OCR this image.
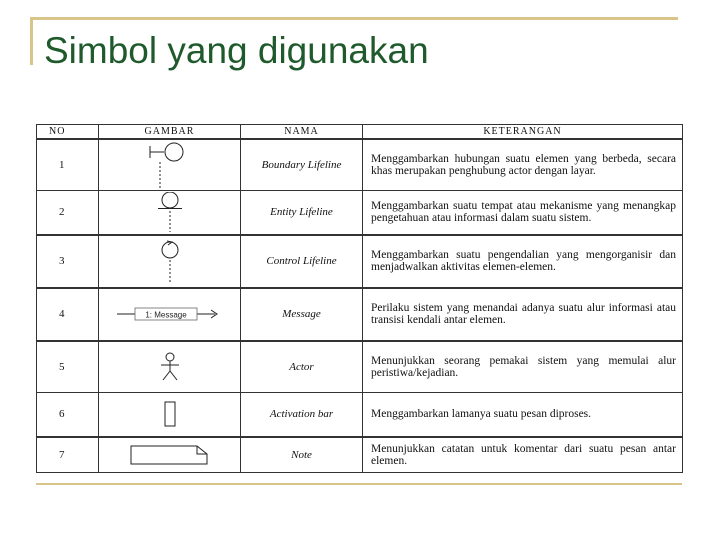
Simbol yang digunakan
NO	GAMBAR	NAMA	KETERANGAN
1		Boundary Lifeline	Menggambarkan hubungan suatu elemen yang berbeda, secara khas merupakan penghubung actor dengan layar.
2		Entity Lifeline	Menggambarkan suatu tempat atau mekanisme yang menangkap pengetahuan atau informasi dalam suatu sistem.
3		Control Lifeline	Menggambarkan suatu pengendalian yang mengorganisir dan menjadwalkan aktivitas elemen-elemen.
4	1: Message	Message	Perilaku sistem yang menandai adanya suatu alur informasi atau transisi kendali antar elemen.
5		Actor	Menunjukkan seorang pemakai sistem yang memulai alur peristiwa/kejadian.
6		Activation bar	Menggambarkan lamanya suatu pesan diproses.
7		Note	Menunjukkan catatan untuk komentar dari suatu pesan antar elemen.
